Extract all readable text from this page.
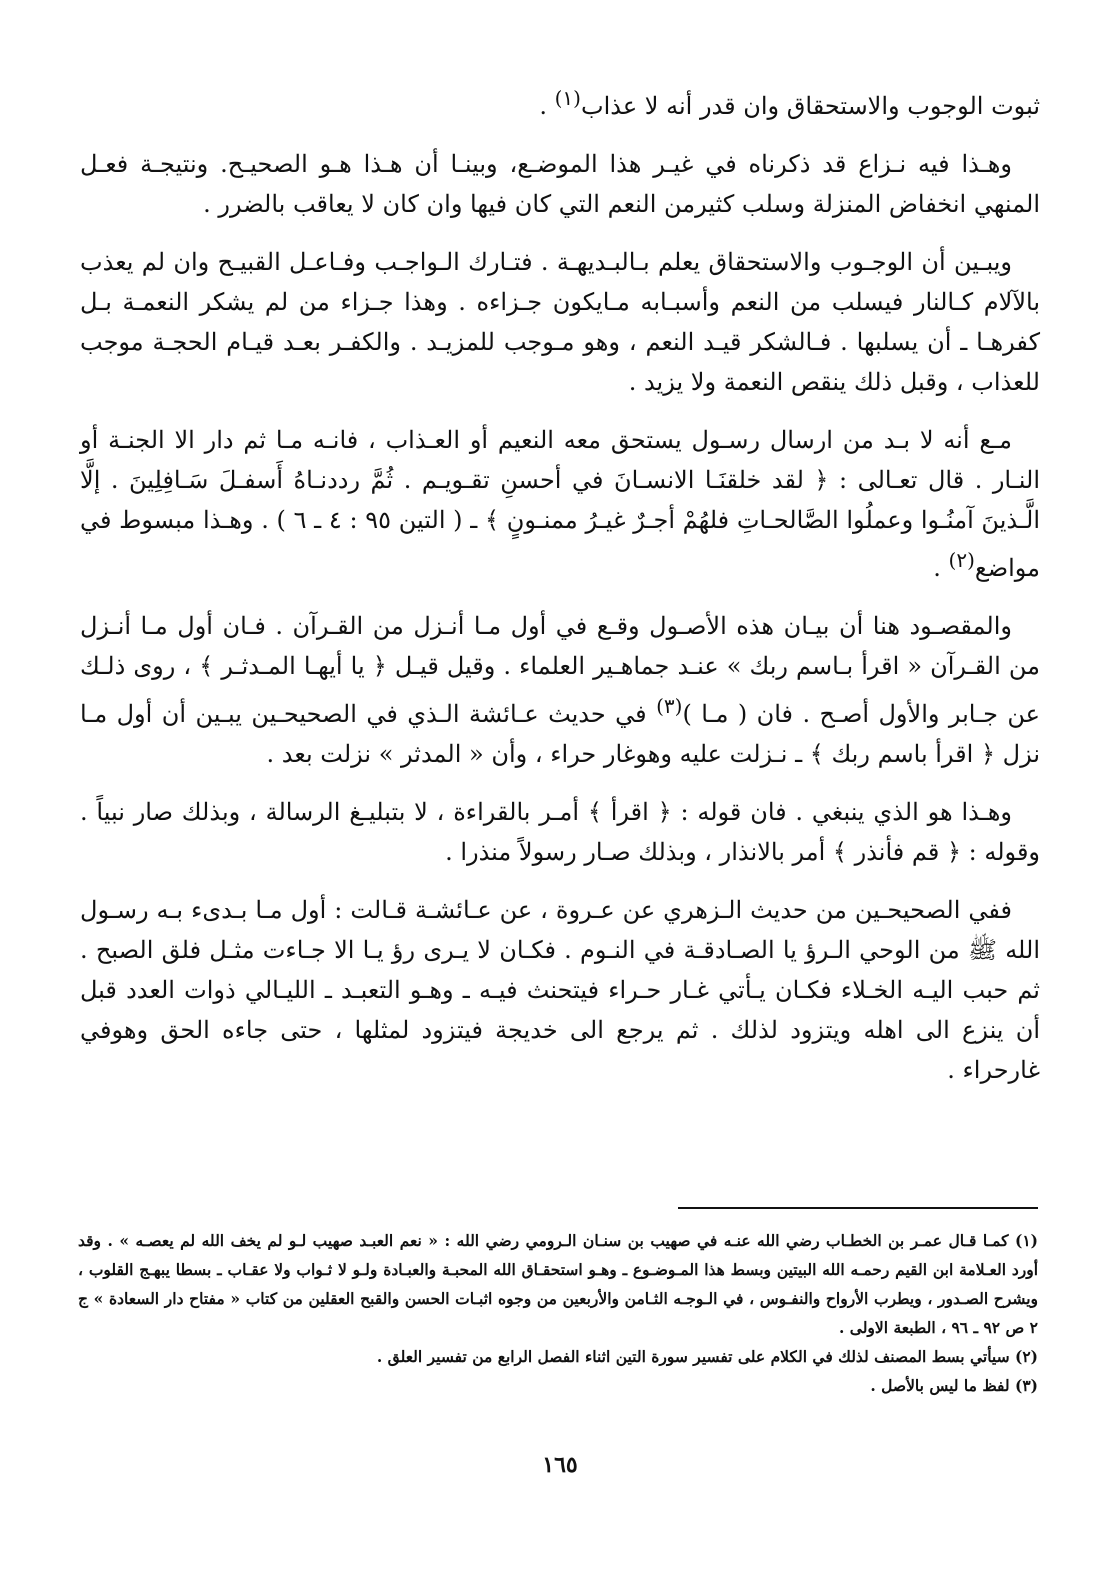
ثبوت الوجوب والاستحقاق وان قدر أنه لا عذاب$^{(١)}$ .

وهـذا فيه نـزاع قد ذكرناه في غيـر هذا الموضـع، وبينـا أن هـذا هـو الصحيـح. ونتيجـة فعـل المنهي انخفاض المنزلة وسلب كثيرمن النعم التي كان فيها وان كان لا يعاقب بالضرر .

ويبـين أن الوجـوب والاستحقاق يعلم بـالبـديهـة . فتـارك الـواجـب وفـاعـل القبيـح وان لم يعذب بالآلام كـالنار فيسلب من النعم وأسبـابه مـايكون جـزاءه . وهذا جـزاء من لم يشكر النعمـة بـل كفرهـا ـ أن يسلبها . فـالشكر قيـد النعم ، وهو مـوجب للمزيـد . والكفـر بعـد قيـام الحجـة موجب للعذاب ، وقبل ذلك ينقص النعمة ولا يزيد .

مـع أنه لا بـد من ارسال رسـول يستحق معه النعيم أو العـذاب ، فانـه مـا ثم دار الا الجنـة أو النـار . قال تعـالى : ﴿ لقد خلقنَـا الانسـانَ في أحسنِ تقـويـم . ثُمَّ رددنـاهُ أَسفـلَ سَـافِلِينَ . إلَّا الَّـذينَ آمنُـوا وعملُوا الصَّالحـاتِ فلهُمْ أجـرٌ غيـرُ ممنـونٍ ﴾ ـ ( التين ٩٥ : ٤ ـ ٦ ) . وهـذا مبسوط في مواضع$^{(٢)}$ .

والمقصـود هنا أن بيـان هذه الأصـول وقـع في أول مـا أنـزل من القـرآن . فـان أول مـا أنـزل من القـرآن « اقرأ بـاسم ربك » عنـد جماهـير العلماء . وقيل قيـل ﴿ يا أيهـا المـدثـر ﴾ ، روى ذلـك عن جـابر والأول أصـح . فان ( مـا )$^{(٣)}$ في حديث عـائشة الـذي في الصحيحـين يبـين أن أول مـا نزل ﴿ اقرأ باسم ربك ﴾ ـ نـزلت عليه وهوغار حراء ، وأن « المدثر » نزلت بعد .

وهـذا هو الذي ينبغي . فان قوله : ﴿ اقرأ ﴾ أمـر بالقراءة ، لا بتبليـغ الرسالة ، وبذلك صار نبياً . وقوله : ﴿ قم فأنذر ﴾ أمر بالانذار ، وبذلك صـار رسولاً منذرا .

ففي الصحيحـين من حديث الـزهري عن عـروة ، عن عـائشـة قـالت : أول مـا بـدىء بـه رسـول الله ﷺ من الوحي الـرؤ يا الصـادقـة في النـوم . فكـان لا يـرى رؤ يـا الا جـاءت مثـل فلق الصبح . ثم حبب اليـه الخـلاء فكـان يـأتي غـار حـراء فيتحنث فيـه ـ وهـو التعبـد ـ الليـالي ذوات العدد قبل أن ينزع الى اهله ويتزود لذلك . ثم يرجع الى خديجة فيتزود لمثلها ، حتى جاءه الحق وهوفي غارحراء .

(١) كمـا قـال عمـر بن الخطـاب رضي الله عنـه في صهيب بن سنـان الـرومي رضي الله : « نعم العبـد صهيب لـو لم يخف الله لم يعصـه » . وقد أورد العـلامة ابن القيم رحمـه الله البيتين وبسط هذا المـوضـوع ـ وهـو استحقـاق الله المحبـة والعبـادة ولـو لا ثـواب ولا عقـاب ـ بسطا يبهـج القلوب ، ويشرح الصـدور ، ويطرب الأرواح والنفـوس ، في الـوجـه الثـامن والأربعين من وجوه اثبـات الحسن والقبح العقلين من كتاب « مفتاح دار السعادة » ج ٢ ص ٩٢ ـ ٩٦ ، الطبعة الاولى .

(٢) سيأتي بسط المصنف لذلك في الكلام على تفسير سورة التين اثناء الفصل الرابع من تفسير العلق .

(٣) لفظ ما ليس بالأصل .

١٦٥
